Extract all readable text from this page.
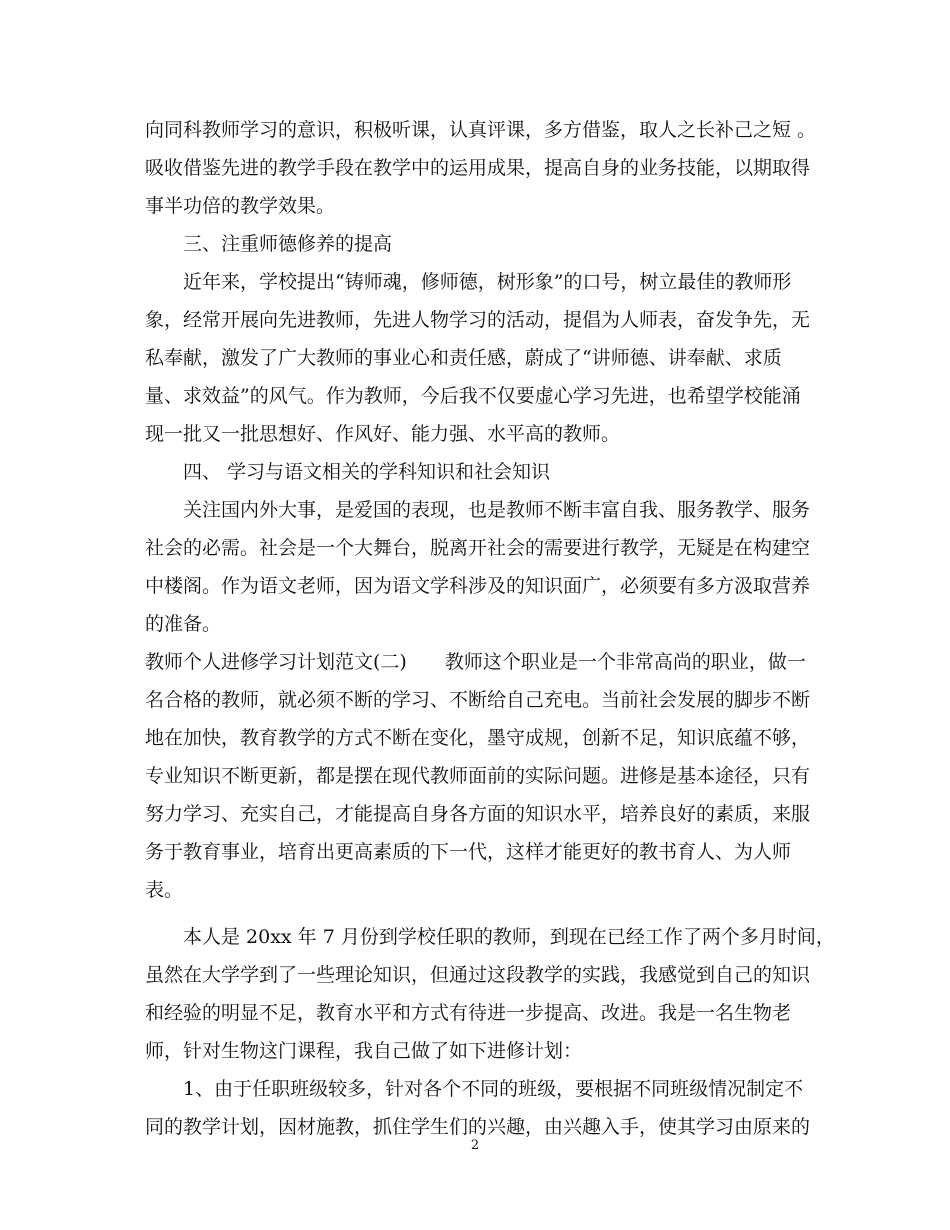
向同科教师学习的意识，积极听课，认真评课，多方借鉴，取人之长补己之短 。
吸收借鉴先进的教学手段在教学中的运用成果，提高自身的业务技能，以期取得
事半功倍的教学效果。
三、注重师德修养的提高
近年来，学校提出“铸师魂，修师德，树形象”的口号，树立最佳的教师形
象，经常开展向先进教师，先进人物学习的活动，提倡为人师表，奋发争先，无
私奉献，激发了广大教师的事业心和责任感，蔚成了“讲师德、讲奉献、求质
量、求效益”的风气。作为教师，今后我不仅要虚心学习先进，也希望学校能涌
现一批又一批思想好、作风好、能力强、水平高的教师。
四、 学习与语文相关的学科知识和社会知识
关注国内外大事，是爱国的表现，也是教师不断丰富自我、服务教学、服务
社会的必需。社会是一个大舞台，脱离开社会的需要进行教学，无疑是在构建空
中楼阁。作为语文老师，因为语文学科涉及的知识面广，必须要有多方汲取营养
的准备。
教师个人进修学习计划范文(二)　　教师这个职业是一个非常高尚的职业，做一
名合格的教师，就必须不断的学习、不断给自己充电。当前社会发展的脚步不断
地在加快，教育教学的方式不断在变化，墨守成规，创新不足，知识底蕴不够，
专业知识不断更新，都是摆在现代教师面前的实际问题。进修是基本途径，只有
努力学习、充实自己，才能提高自身各方面的知识水平，培养良好的素质，来服
务于教育事业，培育出更高素质的下一代，这样才能更好的教书育人、为人师
表。
本人是 20xx 年 7 月份到学校任职的教师，到现在已经工作了两个多月时间，
虽然在大学学到了一些理论知识，但通过这段教学的实践，我感觉到自己的知识
和经验的明显不足，教育水平和方式有待进一步提高、改进。我是一名生物老
师，针对生物这门课程，我自己做了如下进修计划：
1、由于任职班级较多，针对各个不同的班级，要根据不同班级情况制定不
同的教学计划，因材施教，抓住学生们的兴趣，由兴趣入手，使其学习由原来的
2
